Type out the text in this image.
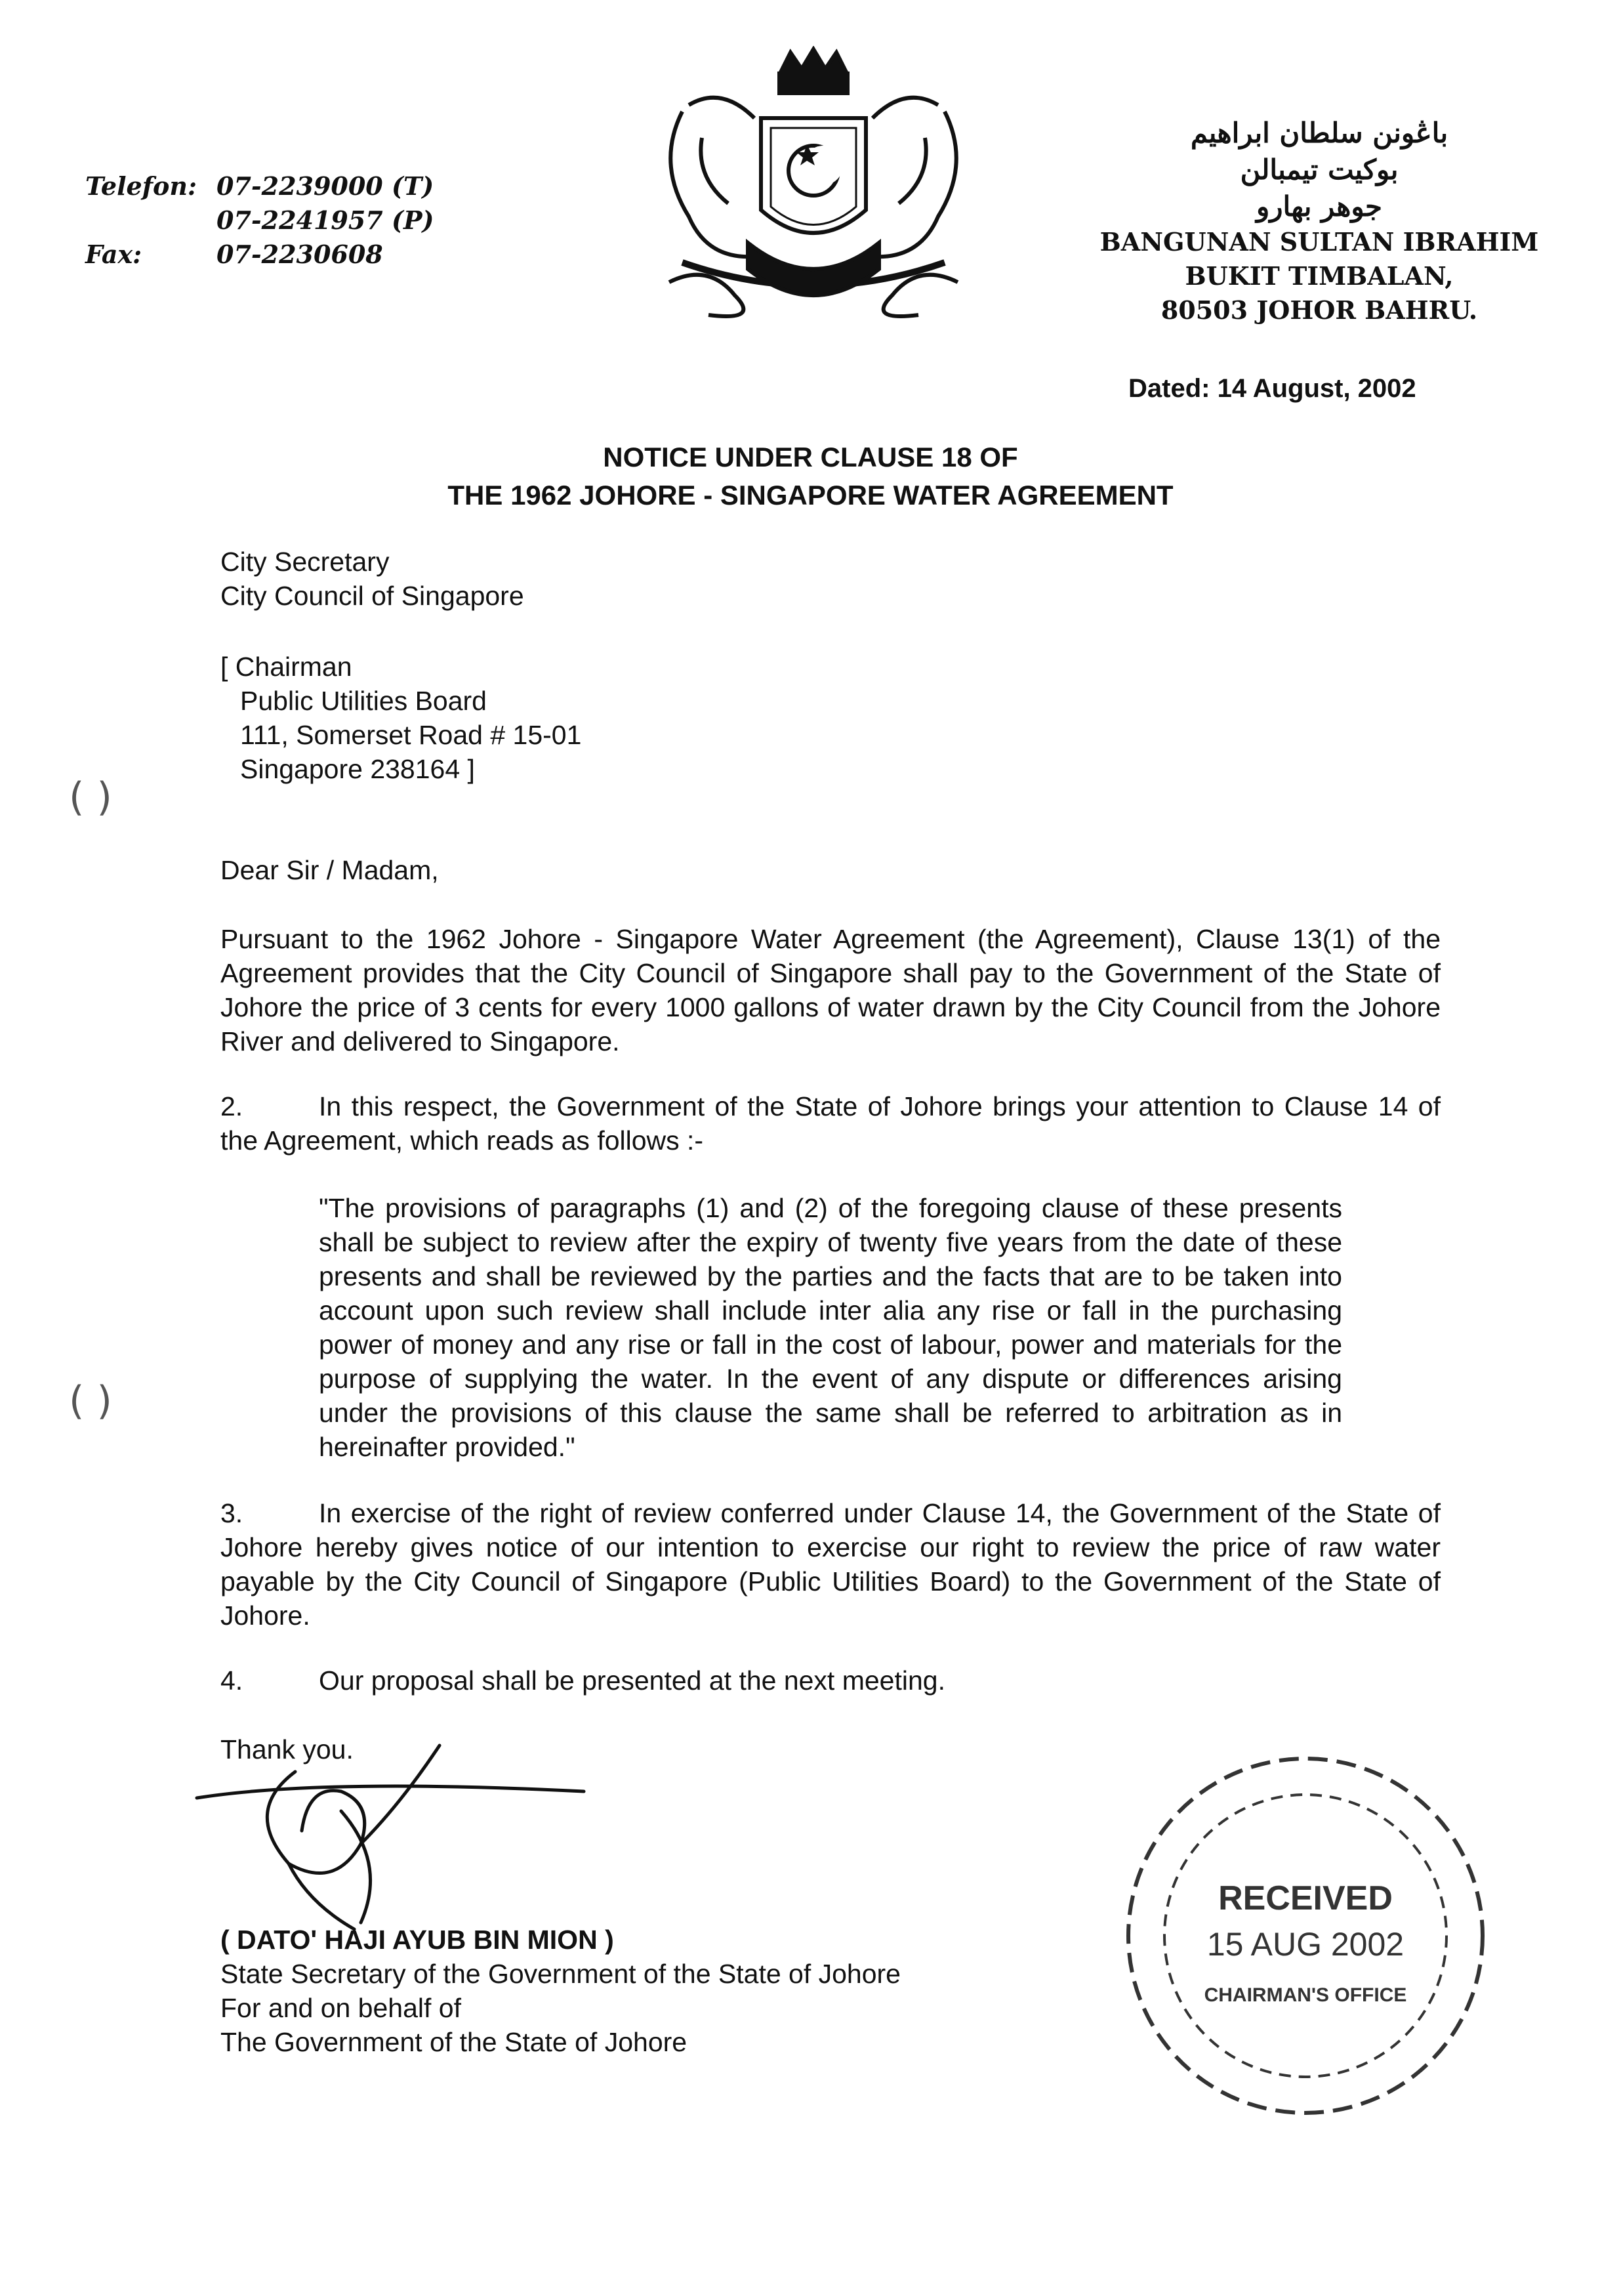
Telefon: 07-2239000 (T)
07-2241957 (P)
Fax:	07-2230608
باڠونن سلطان ابراهيم
بوکيت تيمبالن
جوهر بهارو
BANGUNAN SULTAN IBRAHIM
BUKIT TIMBALAN,
80503 JOHOR BAHRU.
Dated: 14 August, 2002
NOTICE UNDER CLAUSE 18 OF
THE 1962 JOHORE - SINGAPORE WATER AGREEMENT
City Secretary
City Council of Singapore
[ Chairman
Public Utilities Board
111, Somerset Road # 15-01
Singapore 238164 ]
Dear Sir / Madam,
Pursuant to the 1962 Johore - Singapore Water Agreement (the Agreement), Clause 13(1) of the Agreement provides that the City Council of Singapore shall pay to the Government of the State of Johore the price of 3 cents for every 1000 gallons of water drawn by the City Council from the Johore River and delivered to Singapore.
2.	In this respect, the Government of the State of Johore brings your attention to Clause 14 of the Agreement, which reads as follows :-
"The provisions of paragraphs (1) and (2) of the foregoing clause of these presents shall be subject to review after the expiry of twenty five years from the date of these presents and shall be reviewed by the parties and the facts that are to be taken into account upon such review shall include inter alia any rise or fall in the purchasing power of money and any rise or fall in the cost of labour, power and materials for the purpose of supplying the water. In the event of any dispute or differences arising under the provisions of this clause the same shall be referred to arbitration as in hereinafter provided."
3.	In exercise of the right of review conferred under Clause 14, the Government of the State of Johore hereby gives notice of our intention to exercise our right to review the price of raw water payable by the City Council of Singapore (Public Utilities Board) to the Government of the State of Johore.
4.	Our proposal shall be presented at the next meeting.
Thank you.
( DATO' HAJI AYUB BIN MION )
State Secretary of the Government of the State of Johore
For and on behalf of
The Government of the State of Johore
RECEIVED
15 AUG 2002
CHAIRMAN'S OFFICE
( )
( )
